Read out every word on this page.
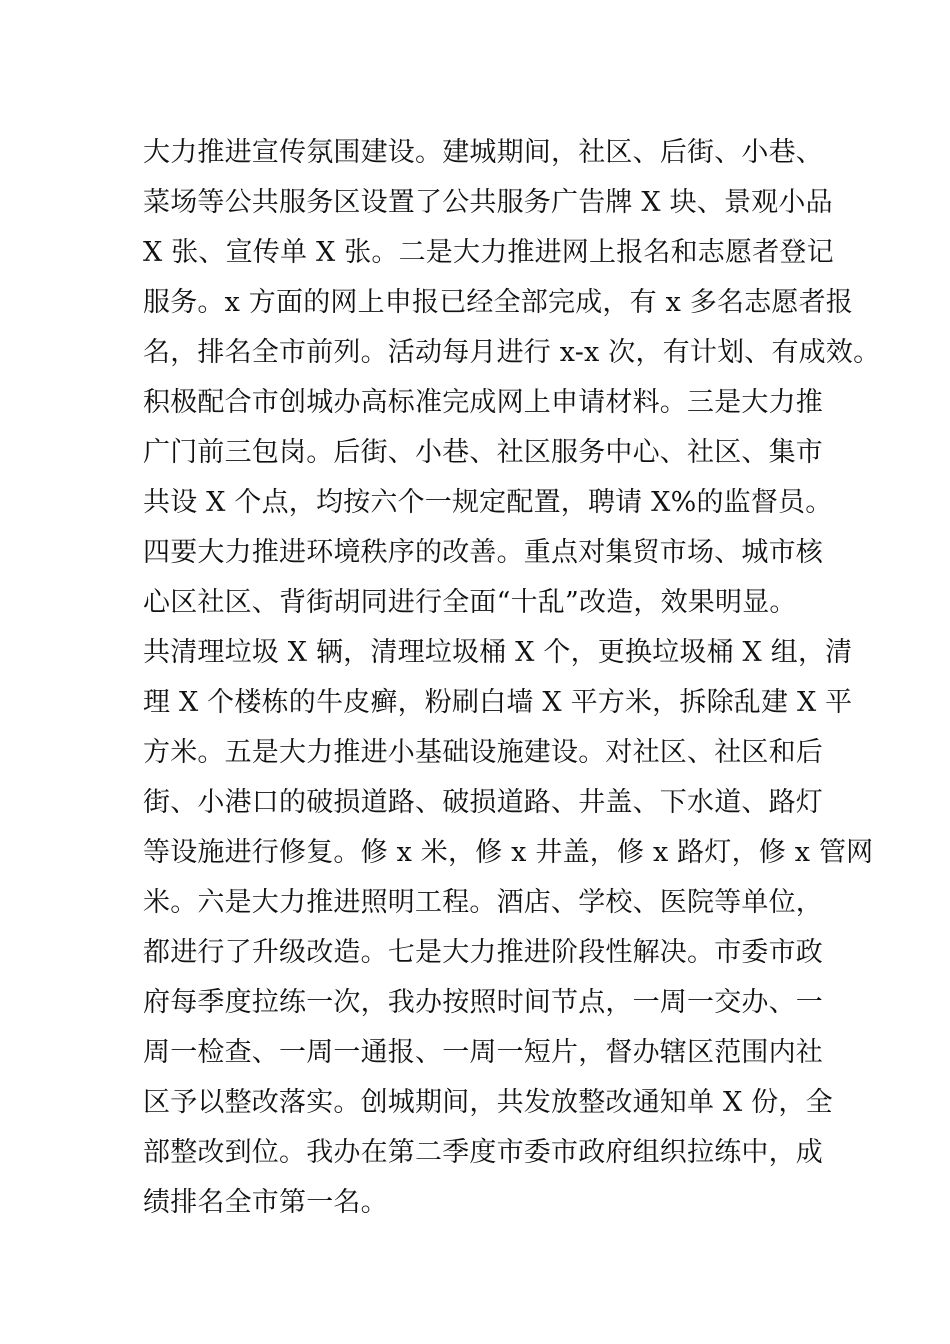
大力推进宣传氛围建设。建城期间，社区、后街、小巷、
菜场等公共服务区设置了公共服务广告牌 X 块、景观小品
X 张、宣传单 X 张。二是大力推进网上报名和志愿者登记
服务。x 方面的网上申报已经全部完成，有 x 多名志愿者报
名，排名全市前列。活动每月进行 x-x 次，有计划、有成效。
积极配合市创城办高标准完成网上申请材料。三是大力推
广门前三包岗。后街、小巷、社区服务中心、社区、集市
共设 X 个点，均按六个一规定配置，聘请 X%的监督员。
四要大力推进环境秩序的改善。重点对集贸市场、城市核
心区社区、背街胡同进行全面“十乱”改造，效果明显。
共清理垃圾 X 辆，清理垃圾桶 X 个，更换垃圾桶 X 组，清
理 X 个楼栋的牛皮癣，粉刷白墙 X 平方米，拆除乱建 X 平
方米。五是大力推进小基础设施建设。对社区、社区和后
街、小港口的破损道路、破损道路、井盖、下水道、路灯
等设施进行修复。修 x 米，修 x 井盖，修 x 路灯，修 x 管网
米。六是大力推进照明工程。酒店、学校、医院等单位，
都进行了升级改造。七是大力推进阶段性解决。市委市政
府每季度拉练一次，我办按照时间节点，一周一交办、一
周一检查、一周一通报、一周一短片，督办辖区范围内社
区予以整改落实。创城期间，共发放整改通知单 X 份，全
部整改到位。我办在第二季度市委市政府组织拉练中，成
绩排名全市第一名。
